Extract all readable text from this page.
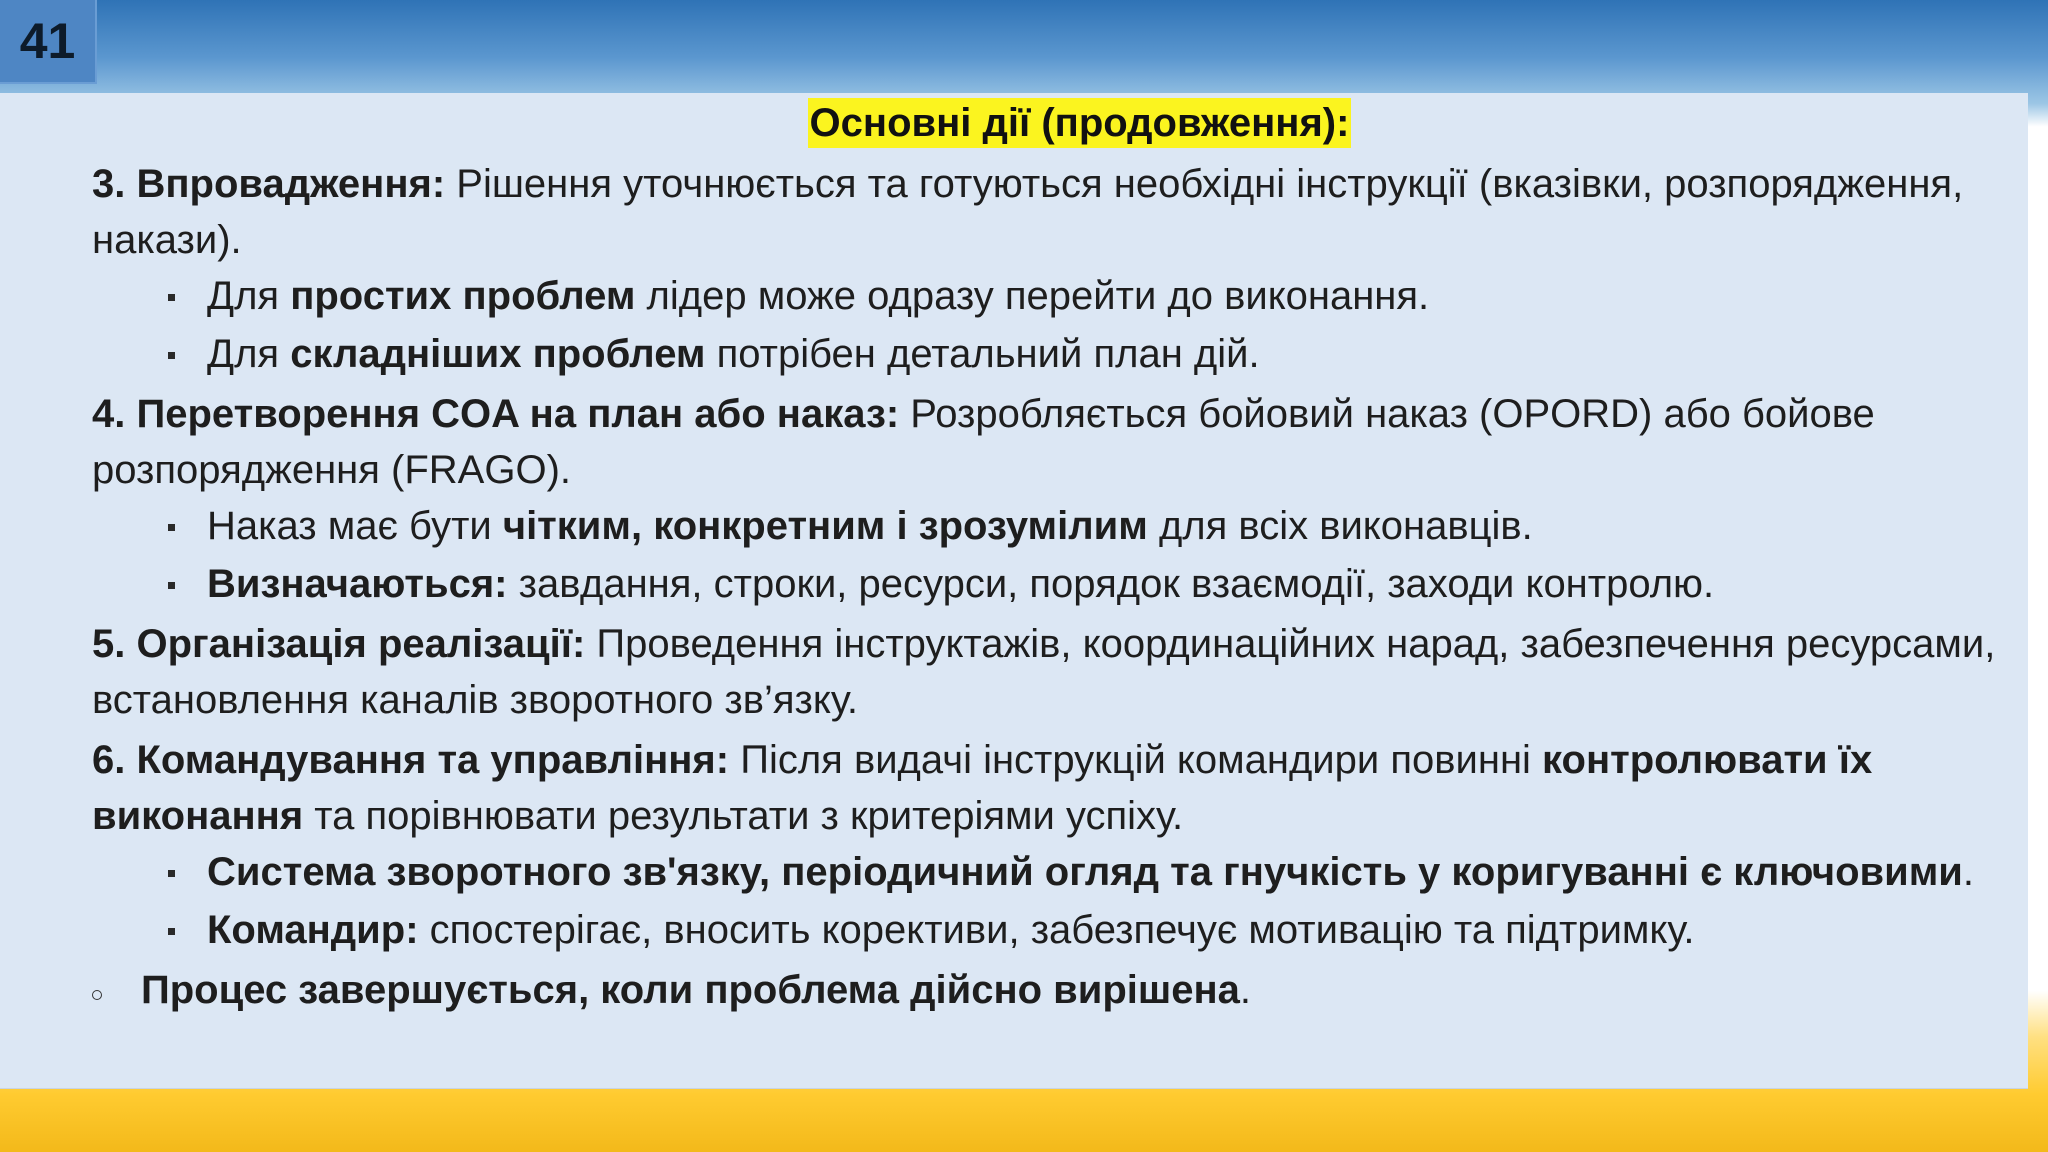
41
Основні дії (продовження):

3. Впровадження: Рішення уточнюється та готуються необхідні інструкції (вказівки, розпорядження, накази).

Для простих проблем лідер може одразу перейти до виконання.

Для складніших проблем потрібен детальний план дій.

4. Перетворення COA на план або наказ: Розробляється бойовий наказ (OPORD) або бойове розпорядження (FRAGO).

Наказ має бути чітким, конкретним і зрозумілим для всіх виконавців.

Визначаються: завдання, строки, ресурси, порядок взаємодії, заходи контролю.

5. Організація реалізації: Проведення інструктажів, координаційних нарад, забезпечення ресурсами, встановлення каналів зворотного зв’язку.

6. Командування та управління: Після видачі інструкцій командири повинні контролювати їх виконання та порівнювати результати з критеріями успіху.

Система зворотного зв'язку, періодичний огляд та гнучкість у коригуванні є ключовими.

Командир: спостерігає, вносить корективи, забезпечує мотивацію та підтримку.

Процес завершується, коли проблема дійсно вирішена.
